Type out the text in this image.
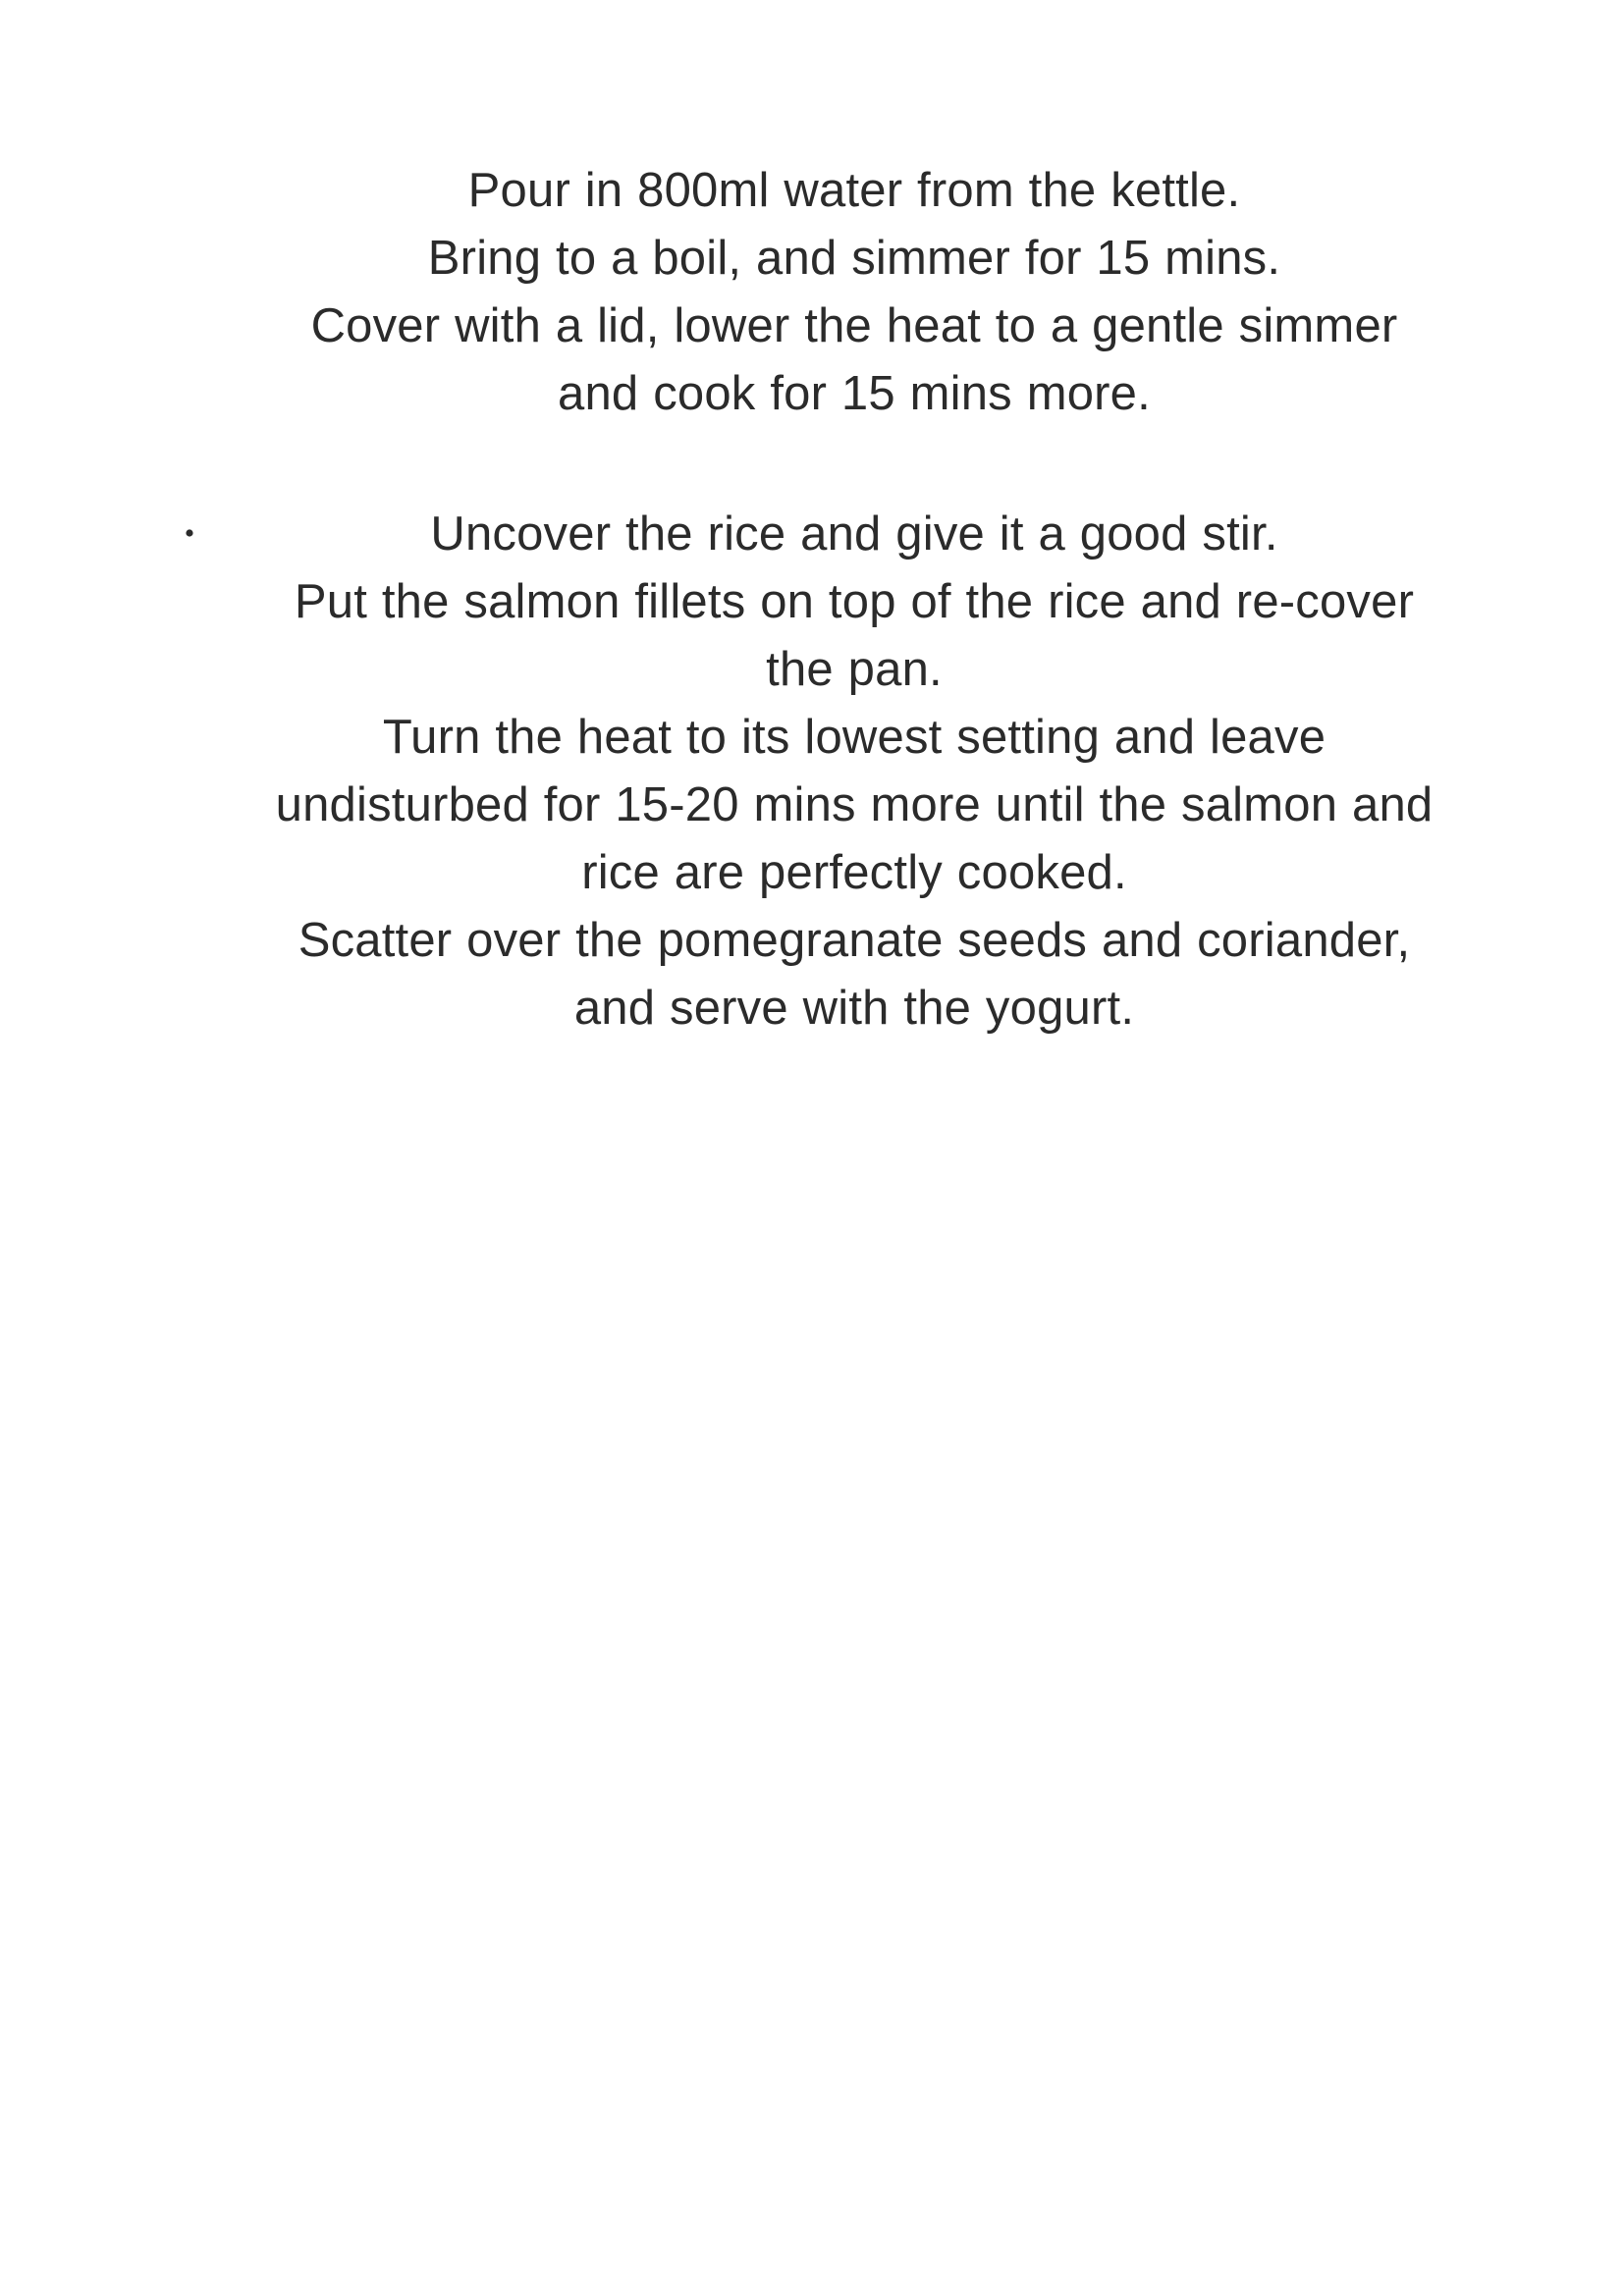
Pour in 800ml water from the kettle.
Bring to a boil, and simmer for 15 mins.
Cover with a lid, lower the heat to a gentle simmer
and cook for 15 mins more.
Uncover the rice and give it a good stir.
Put the salmon fillets on top of the rice and re-cover
the pan.
Turn the heat to its lowest setting and leave
undisturbed for 15-20 mins more until the salmon and
rice are perfectly cooked.
Scatter over the pomegranate seeds and coriander,
and serve with the yogurt.
